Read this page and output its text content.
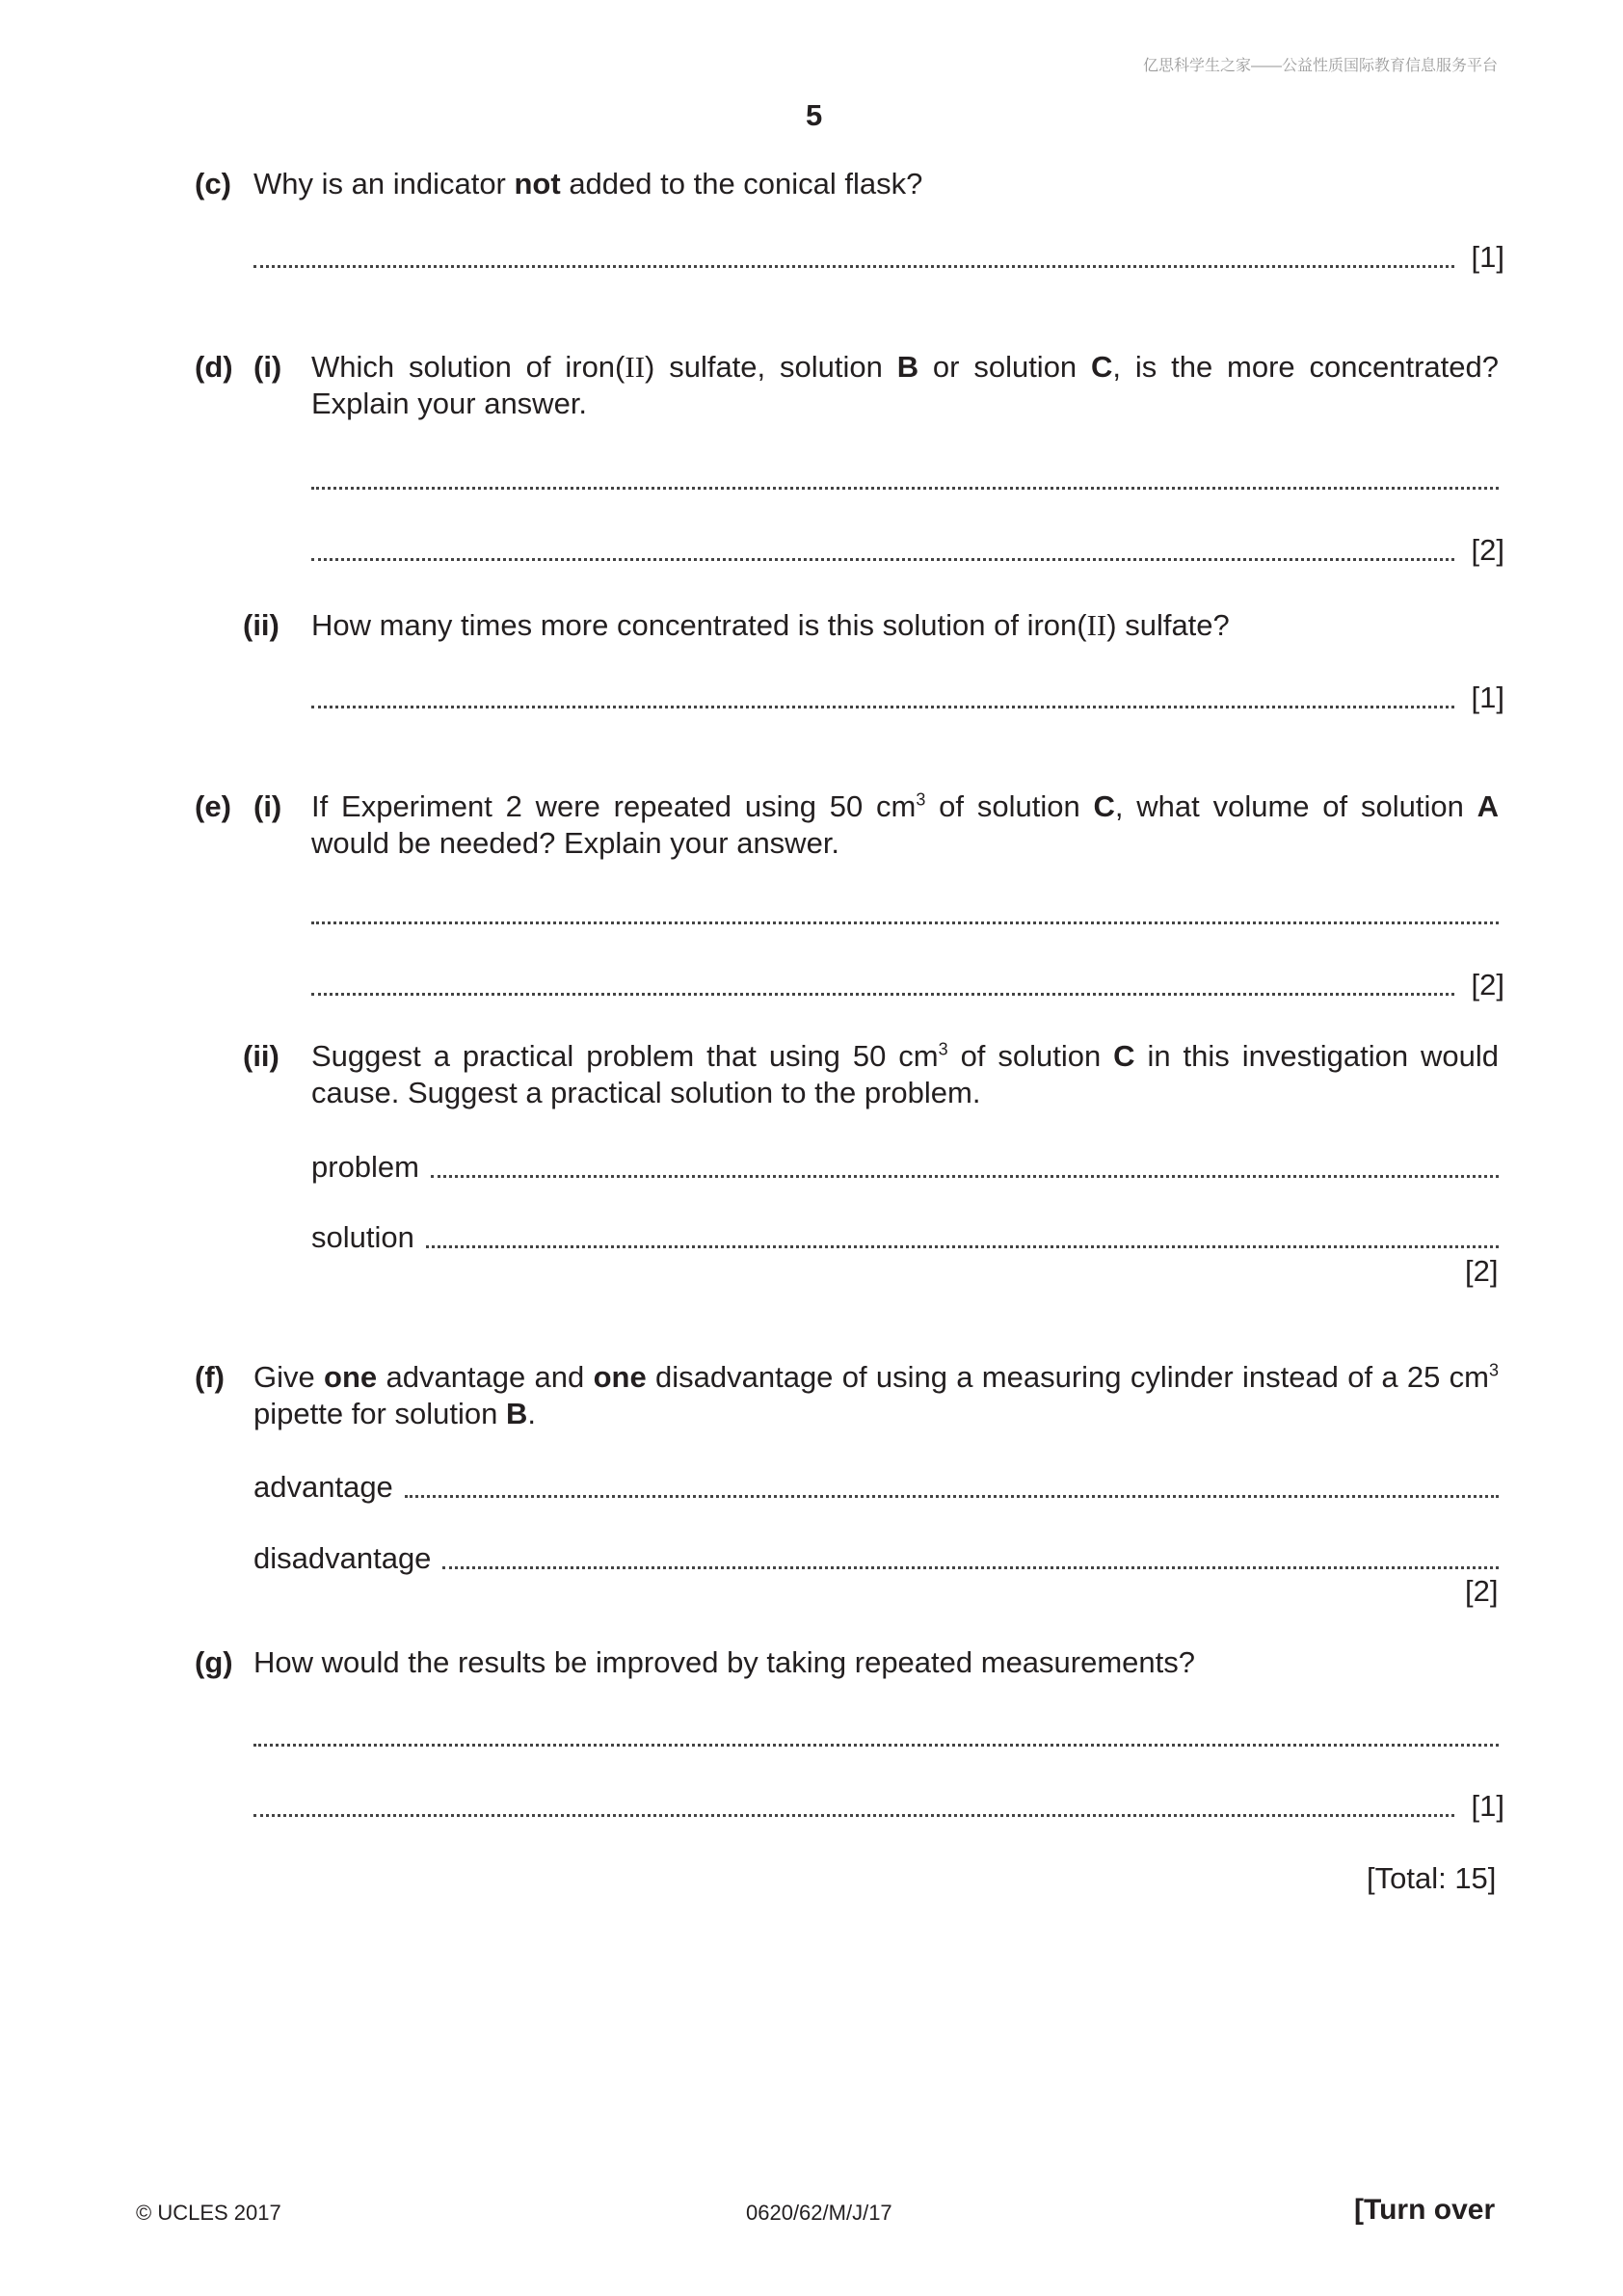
亿思科学生之家——公益性质国际教育信息服务平台
5
(c) Why is an indicator not added to the conical flask?
[1]
(d) (i) Which solution of iron(II) sulfate, solution B or solution C, is the more concentrated? Explain your answer.
[2]
(ii) How many times more concentrated is this solution of iron(II) sulfate?
[1]
(e) (i) If Experiment 2 were repeated using 50 $cm^3$ of solution C, what volume of solution A would be needed? Explain your answer.
[2]
(ii) Suggest a practical problem that using 50 $cm^3$ of solution C in this investigation would cause. Suggest a practical solution to the problem.
problem
solution
[2]
(f) Give one advantage and one disadvantage of using a measuring cylinder instead of a 25 $cm^3$ pipette for solution B.
advantage
disadvantage
[2]
(g) How would the results be improved by taking repeated measurements?
[1]
[Total: 15]
© UCLES 2017	0620/62/M/J/17	[Turn over
